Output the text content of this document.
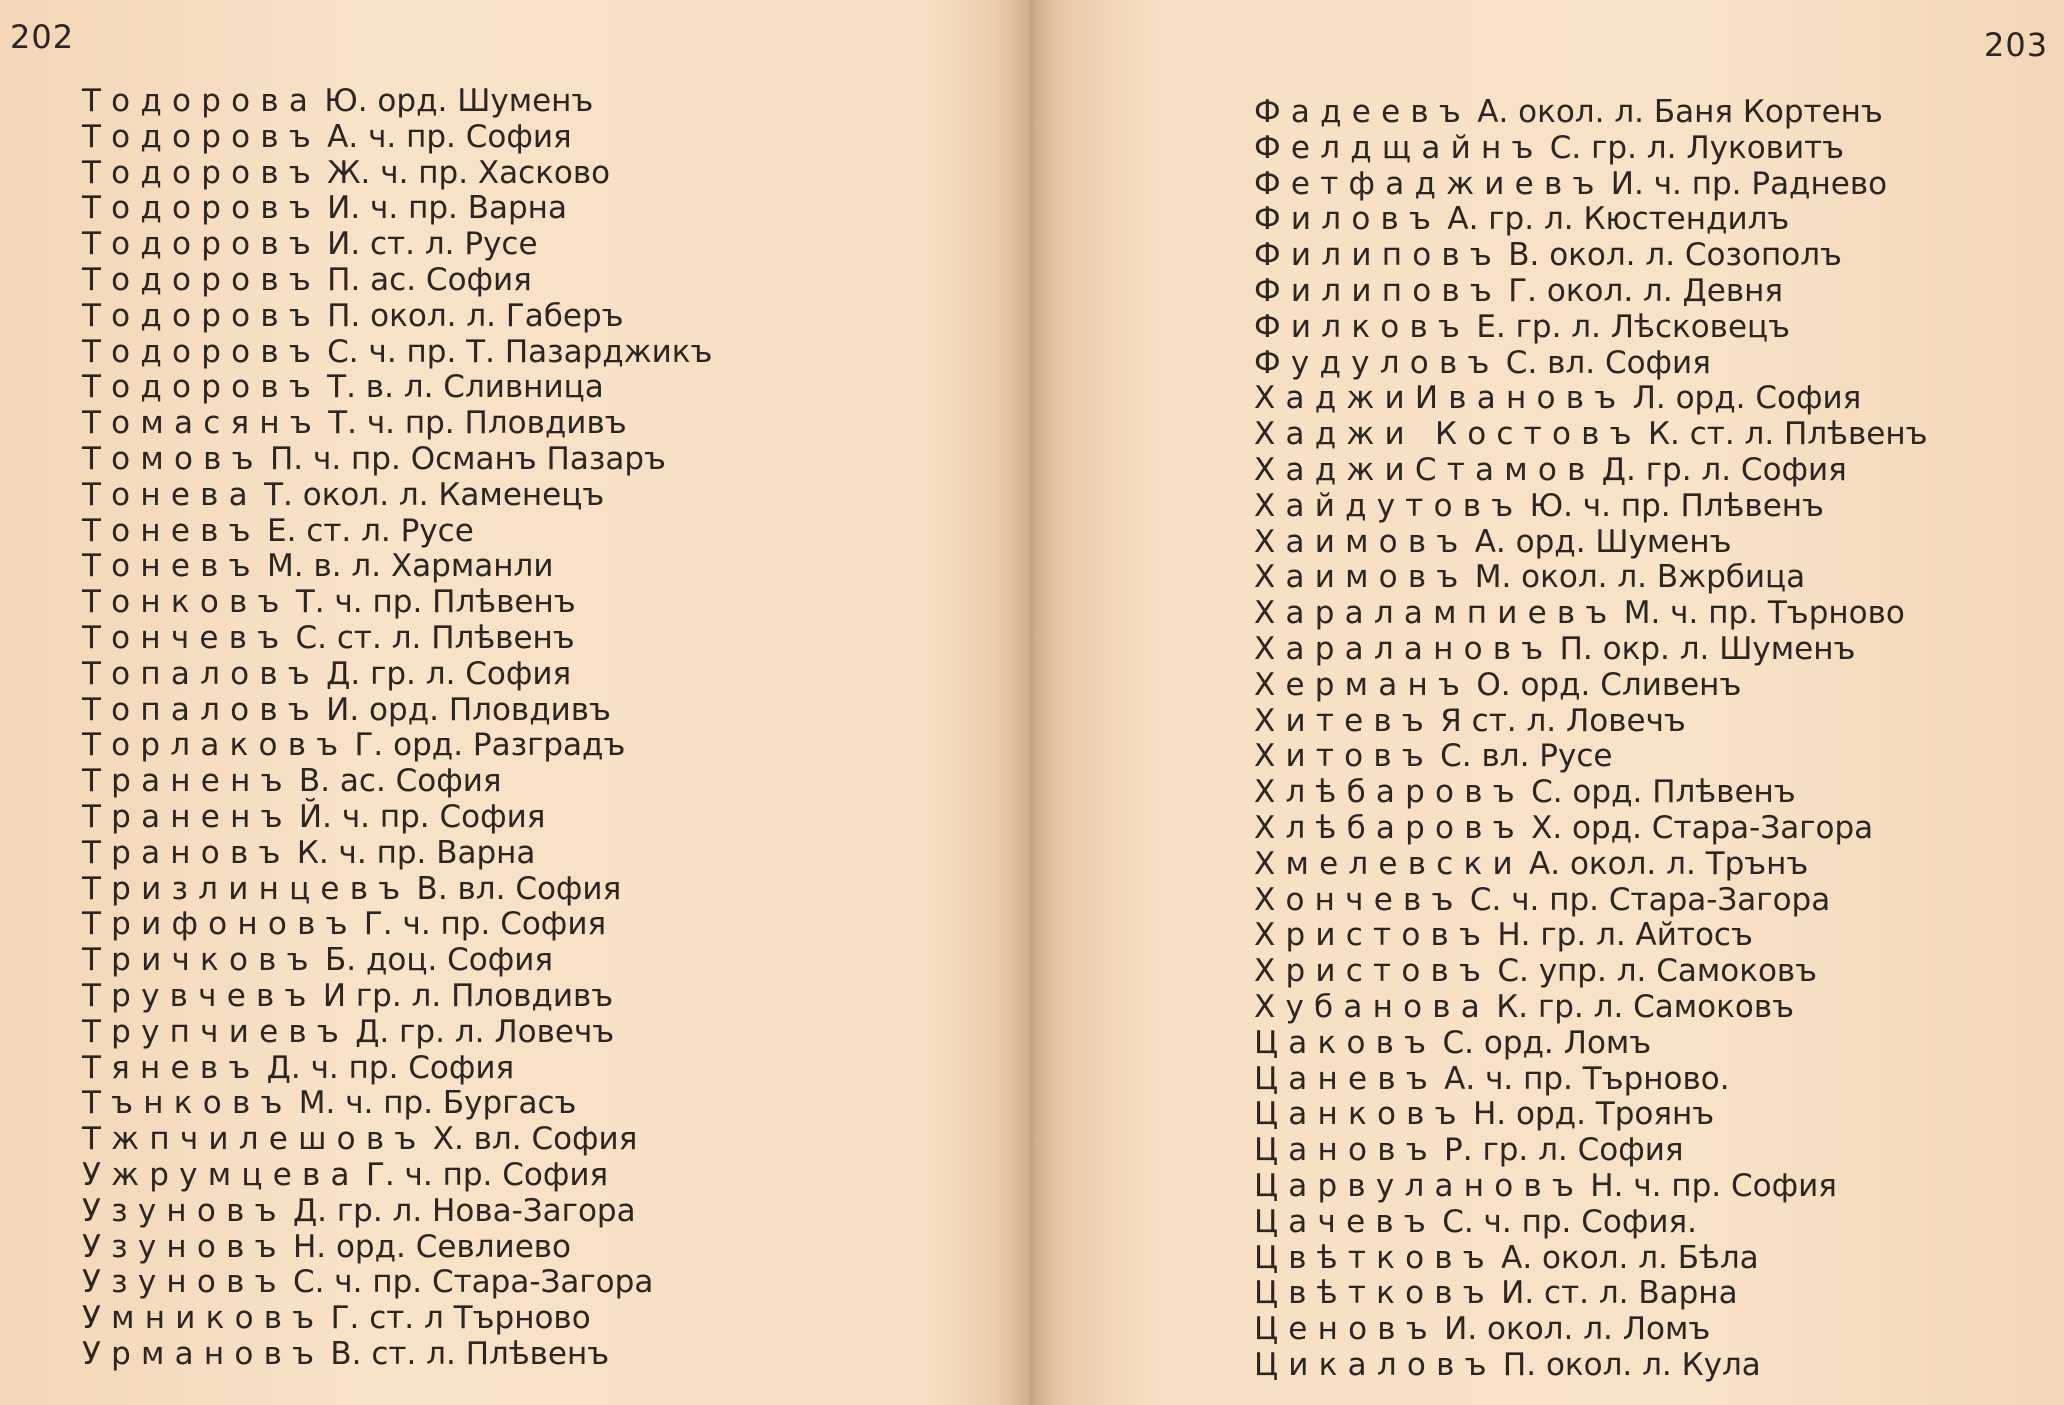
202
Тодорова Ю. орд. Шуменъ
Тодоровъ А. ч. пр. София
Тодоровъ Ж. ч. пр. Хасково
Тодоровъ И. ч. пр. Варна
Тодоровъ И. ст. л. Русе
Тодоровъ П. ас. София
Тодоровъ П. окол. л. Габеръ
Тодоровъ С. ч. пр. Т. Пазарджикъ
Тодоровъ Т. в. л. Сливница
Томасянъ Т. ч. пр. Пловдивъ
Томовъ П. ч. пр. Османъ Пазаръ
Тонева Т. окол. л. Каменецъ
Тоневъ Е. ст. л. Русе
Тоневъ М. в. л. Харманли
Тонковъ Т. ч. пр. Плѣвенъ
Тончевъ С. ст. л. Плѣвенъ
Топаловъ Д. гр. л. София
Топаловъ И. орд. Пловдивъ
Торлаковъ Г. орд. Разградъ
Траненъ В. ас. София
Траненъ Й. ч. пр. София
Трановъ К. ч. пр. Варна
Тризлинцевъ В. вл. София
Трифоновъ Г. ч. пр. София
Тричковъ Б. доц. София
Трувчевъ И гр. л. Пловдивъ
Трупчиевъ Д. гр. л. Ловечъ
Тяневъ Д. ч. пр. София
Тънковъ М. ч. пр. Бургасъ
Тжпчилешовъ Х. вл. София
Ужрумцева Г. ч. пр. София
Узуновъ Д. гр. л. Нова-Загора
Узуновъ Н. орд. Севлиево
Узуновъ С. ч. пр. Стара-Загора
Умниковъ Г. ст. л Търново
Урмановъ В. ст. л. Плѣвенъ
203
Фадеевъ А. окол. л. Баня Кортенъ
Фелдщайнъ С. гр. л. Луковитъ
Фетфаджиевъ И. ч. пр. Раднево
Филовъ А. гр. л. Кюстендилъ
Филиповъ В. окол. л. Созополъ
Филиповъ Г. окол. л. Девня
Филковъ Е. гр. л. Лѣсковецъ
Фудуловъ С. вл. София
ХаджиИвановъ Л. орд. София
Хаджи Костовъ К. ст. л. Плѣвенъ
ХаджиСтамов Д. гр. л. София
Хайдутовъ Ю. ч. пр. Плѣвенъ
Хаимовъ А. орд. Шуменъ
Хаимовъ М. окол. л. Вжрбица
Харалампиевъ М. ч. пр. Търново
Хараланoвъ П. окр. л. Шуменъ
Херманъ О. орд. Сливенъ
Хитевъ Я ст. л. Ловечъ
Хитовъ С. вл. Русе
Хлѣбаровъ С. орд. Плѣвенъ
Хлѣбаровъ Х. орд. Стара-Загора
Хмелевски А. окол. л. Трънъ
Хончевъ С. ч. пр. Стара-Загора
Христовъ Н. гр. л. Айтосъ
Христовъ С. упр. л. Самоковъ
Хубанова К. гр. л. Самоковъ
Цаковъ С. орд. Ломъ
Цаневъ А. ч. пр. Търново.
Цанковъ Н. орд. Троянъ
Цановъ Р. гр. л. София
Царвулановъ Н. ч. пр. София
Цачевъ С. ч. пр. София.
Цвѣтковъ А. окол. л. Бѣла
Цвѣтковъ И. ст. л. Варна
Ценовъ И. окол. л. Ломъ
Цикаловъ П. окол. л. Кула
